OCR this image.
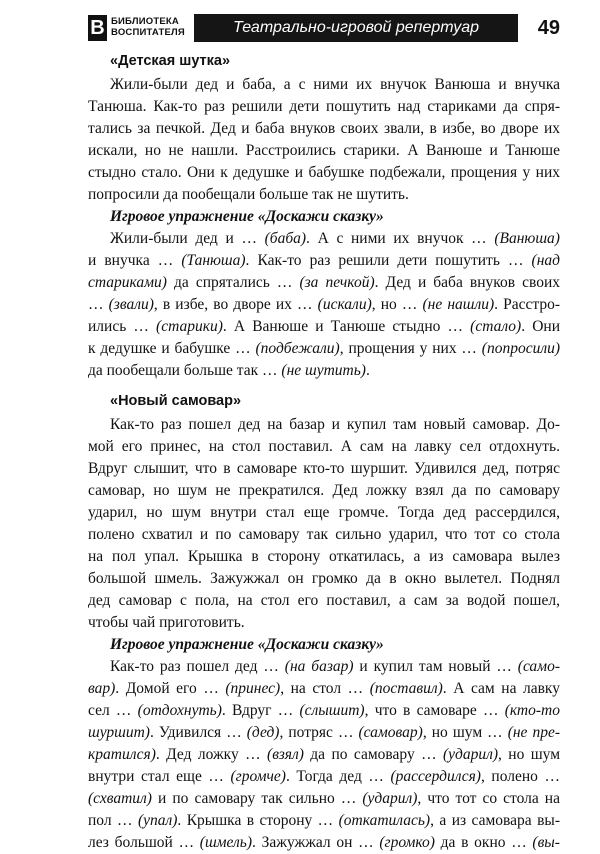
В БИБЛИОТЕКА
ВОСПИТАТЕЛЯ	Театрально-игровой репертуар	49
«Детская шутка»

Жили-были дед и баба, а с ними их внучок Ванюша и внучка

Танюша. Как-то раз решили дети пошутить над стариками да спря-

тались за печкой. Дед и баба внуков своих звали, в избе, во дворе их

искали, но не нашли. Расстроились старики. А Ванюше и Танюше

стыдно стало. Они к дедушке и бабушке подбежали, прощения у них

попросили да пообещали больше так не шутить.

Игровое упражнение «Доскажи сказку»

Жили-были дед и … (баба). А с ними их внучок … (Ванюша)

и внучка … (Танюша). Как-то раз решили дети пошутить … (над

стариками) да спрятались … (за печкой). Дед и баба внуков своих

… (звали), в избе, во дворе их … (искали), но … (не нашли). Расстро-

ились … (старики). А Ванюше и Танюше стыдно … (стало). Они

к дедушке и бабушке … (подбежали), прощения у них … (попросили)

да пообещали больше так … (не шутить).

«Новый самовар»

Как-то раз пошел дед на базар и купил там новый самовар. До-

мой его принес, на стол поставил. А сам на лавку сел отдохнуть.

Вдруг слышит, что в самоваре кто-то шуршит. Удивился дед, потряс

самовар, но шум не прекратился. Дед ложку взял да по самовару

ударил, но шум внутри стал еще громче. Тогда дед рассердился,

полено схватил и по самовару так сильно ударил, что тот со стола

на пол упал. Крышка в сторону откатилась, а из самовара вылез

большой шмель. Зажужжал он громко да в окно вылетел. Поднял

дед самовар с пола, на стол его поставил, а сам за водой пошел,

чтобы чай приготовить.

Игровое упражнение «Доскажи сказку»

Как-то раз пошел дед … (на базар) и купил там новый … (само-

вар). Домой его … (принес), на стол … (поставил). А сам на лавку

сел … (отдохнуть). Вдруг … (слышит), что в самоваре … (кто-то

шуршит). Удивился … (дед), потряс … (самовар), но шум … (не пре-

кратился). Дед ложку … (взял) да по самовару … (ударил), но шум

внутри стал еще … (громче). Тогда дед … (рассердился), полено …

(схватил) и по самовару так сильно … (ударил), что тот со стола на

пол … (упал). Крышка в сторону … (откатилась), а из самовара вы-

лез большой … (шмель). Зажужжал он … (громко) да в окно … (вы-
